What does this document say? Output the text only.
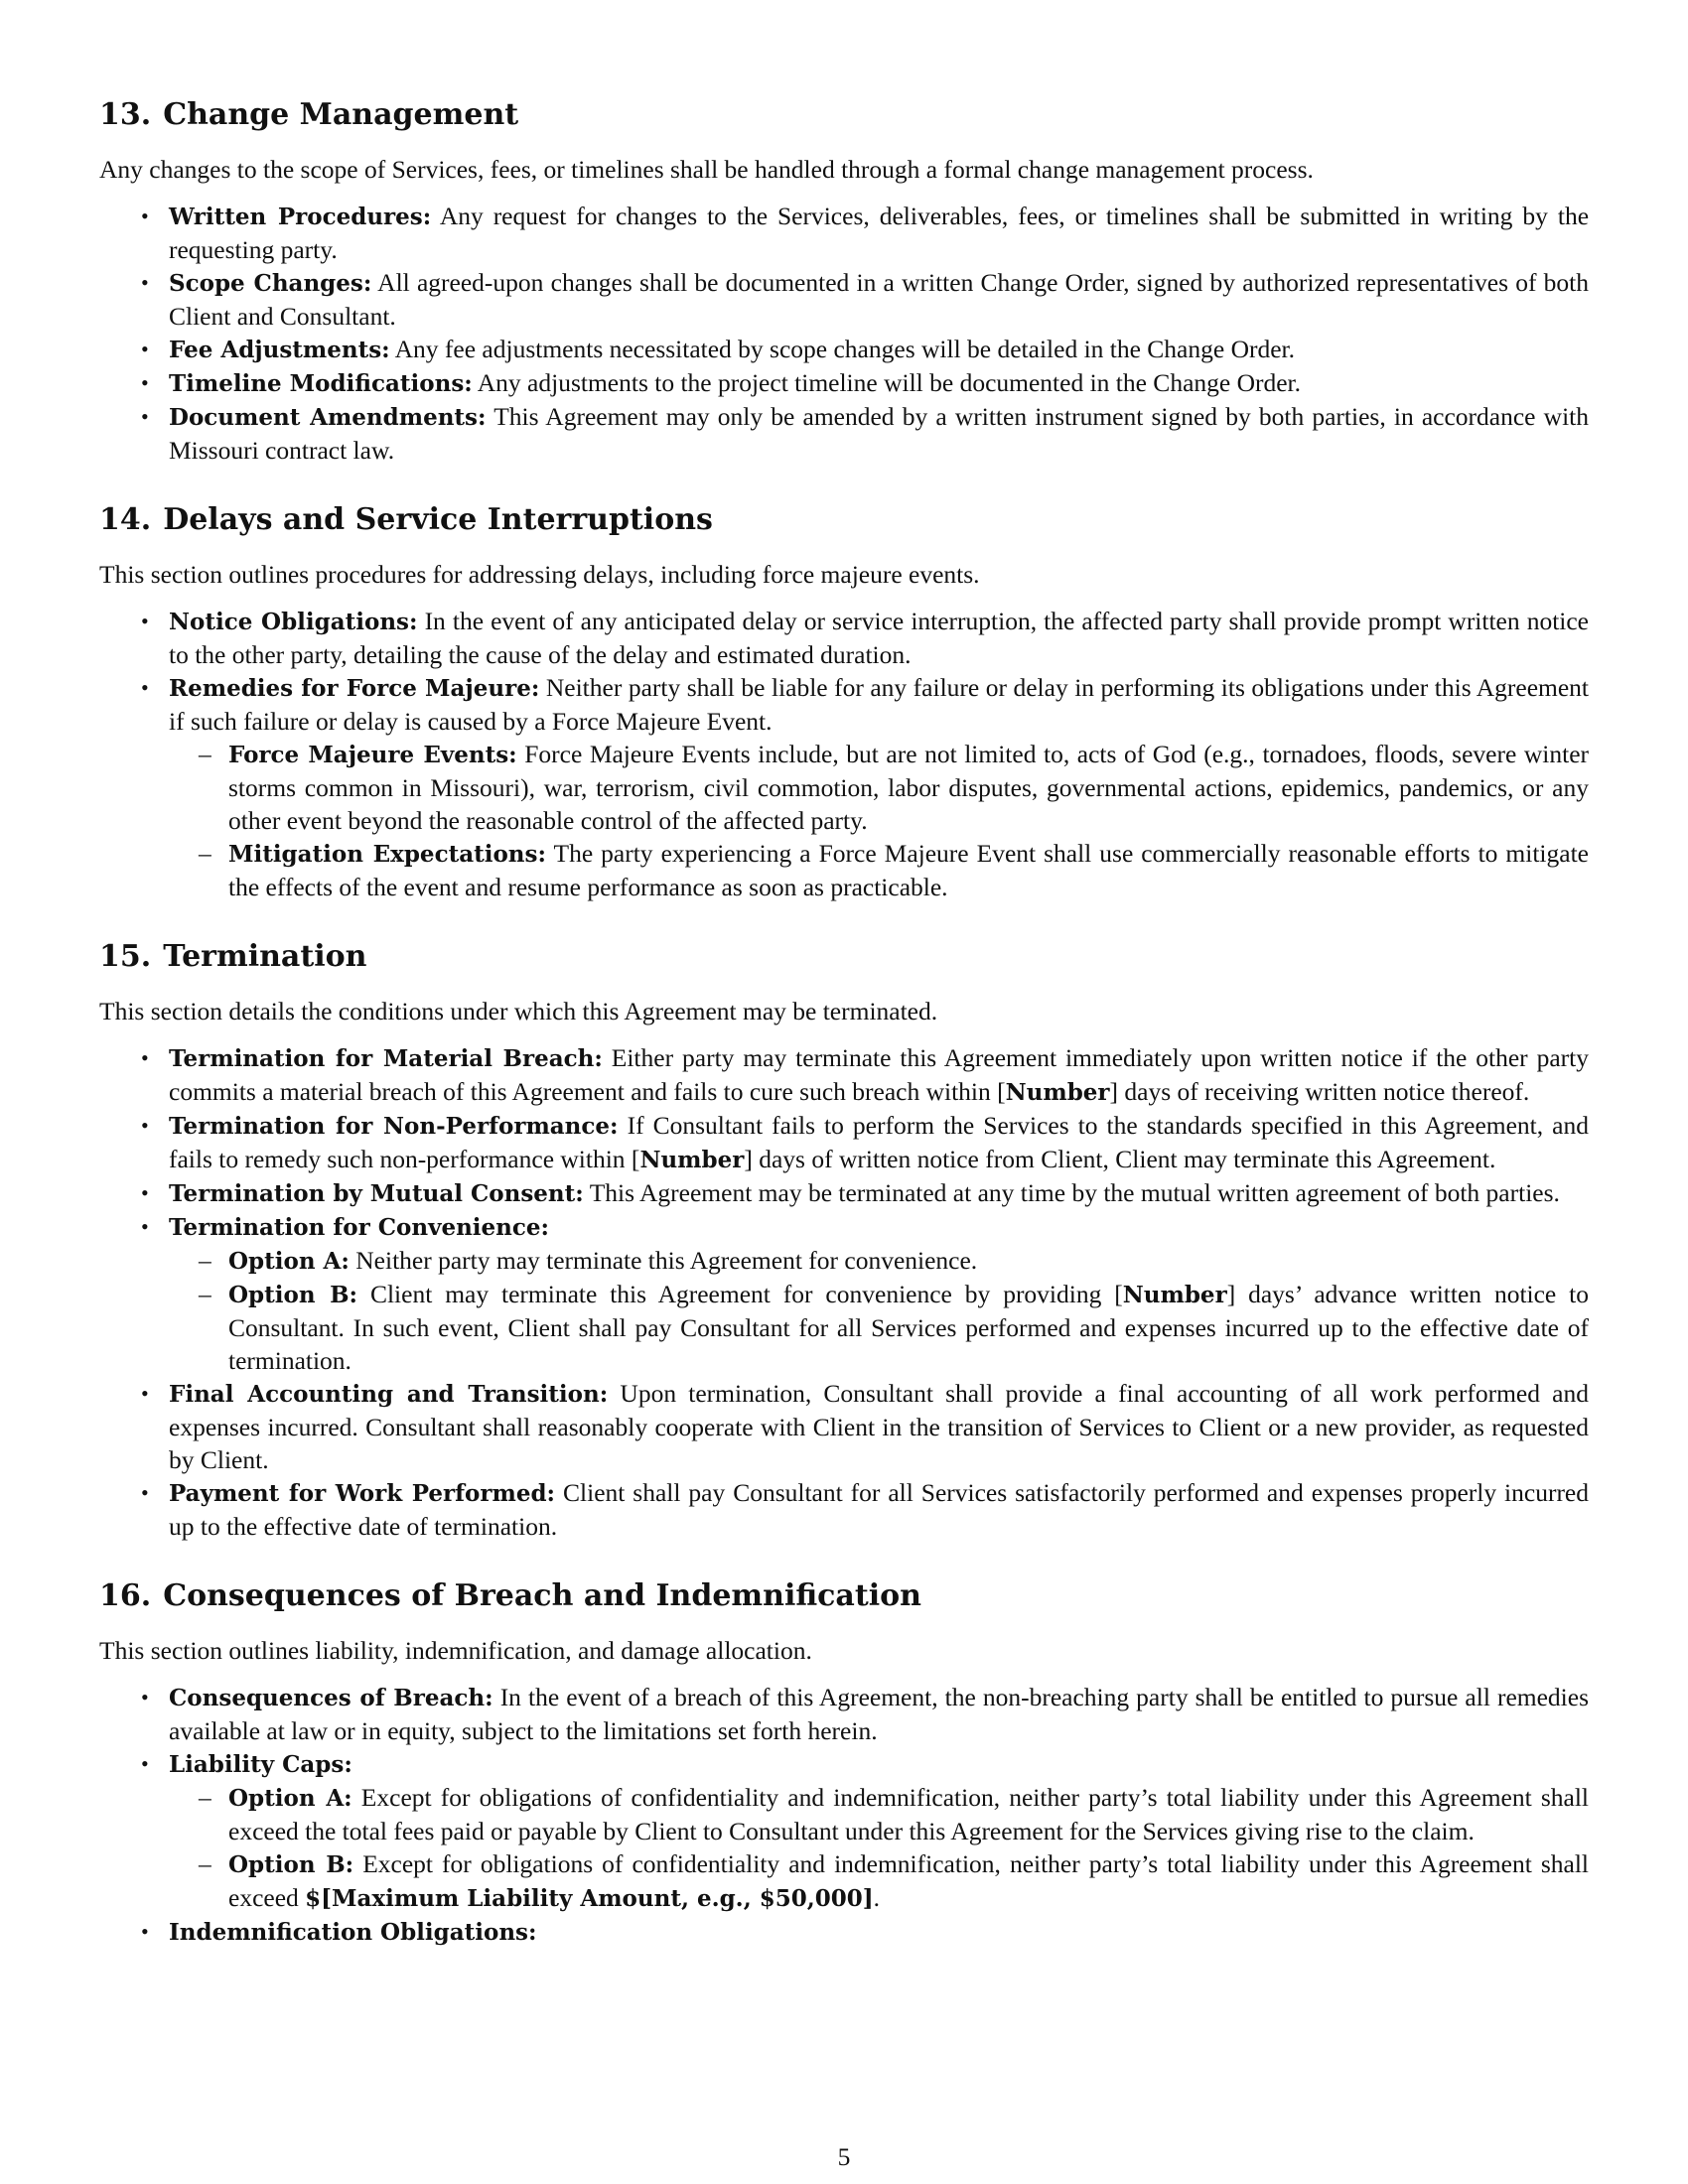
13. Change Management

Any changes to the scope of Services, fees, or timelines shall be handled through a formal change management process.

• Written Procedures: Any request for changes to the Services, deliverables, fees, or timelines shall be submitted in writing by the requesting party.
• Scope Changes: All agreed-upon changes shall be documented in a written Change Order, signed by authorized representatives of both Client and Consultant.
• Fee Adjustments: Any fee adjustments necessitated by scope changes will be detailed in the Change Order.
• Timeline Modifications: Any adjustments to the project timeline will be documented in the Change Order.
• Document Amendments: This Agreement may only be amended by a written instrument signed by both parties, in accordance with Missouri contract law.
14. Delays and Service Interruptions

This section outlines procedures for addressing delays, including force majeure events.

• Notice Obligations: In the event of any anticipated delay or service interruption, the affected party shall provide prompt written notice to the other party, detailing the cause of the delay and estimated duration.
• Remedies for Force Majeure: Neither party shall be liable for any failure or delay in performing its obligations under this Agreement if such failure or delay is caused by a Force Majeure Event.
– Force Majeure Events: Force Majeure Events include, but are not limited to, acts of God (e.g., tornadoes, floods, severe winter storms common in Missouri), war, terrorism, civil commotion, labor disputes, governmental actions, epidemics, pandemics, or any other event beyond the reasonable control of the affected party.
– Mitigation Expectations: The party experiencing a Force Majeure Event shall use commercially reasonable efforts to mitigate the effects of the event and resume performance as soon as practicable.
15. Termination

This section details the conditions under which this Agreement may be terminated.

• Termination for Material Breach: Either party may terminate this Agreement immediately upon written notice if the other party commits a material breach of this Agreement and fails to cure such breach within [Number] days of receiving written notice thereof.
• Termination for Non-Performance: If Consultant fails to perform the Services to the standards specified in this Agreement, and fails to remedy such non-performance within [Number] days of written notice from Client, Client may terminate this Agreement.
• Termination by Mutual Consent: This Agreement may be terminated at any time by the mutual written agreement of both parties.
• Termination for Convenience:
– Option A: Neither party may terminate this Agreement for convenience.
– Option B: Client may terminate this Agreement for convenience by providing [Number] days’ advance written notice to Consultant. In such event, Client shall pay Consultant for all Services performed and expenses incurred up to the effective date of termination.
• Final Accounting and Transition: Upon termination, Consultant shall provide a final accounting of all work performed and expenses incurred. Consultant shall reasonably cooperate with Client in the transition of Services to Client or a new provider, as requested by Client.
• Payment for Work Performed: Client shall pay Consultant for all Services satisfactorily performed and expenses properly incurred up to the effective date of termination.
16. Consequences of Breach and Indemnification

This section outlines liability, indemnification, and damage allocation.

• Consequences of Breach: In the event of a breach of this Agreement, the non-breaching party shall be entitled to pursue all remedies available at law or in equity, subject to the limitations set forth herein.
• Liability Caps:
– Option A: Except for obligations of confidentiality and indemnification, neither party’s total liability under this Agreement shall exceed the total fees paid or payable by Client to Consultant under this Agreement for the Services giving rise to the claim.
– Option B: Except for obligations of confidentiality and indemnification, neither party’s total liability under this Agreement shall exceed $[Maximum Liability Amount, e.g., $50,000].
• Indemnification Obligations:
5
